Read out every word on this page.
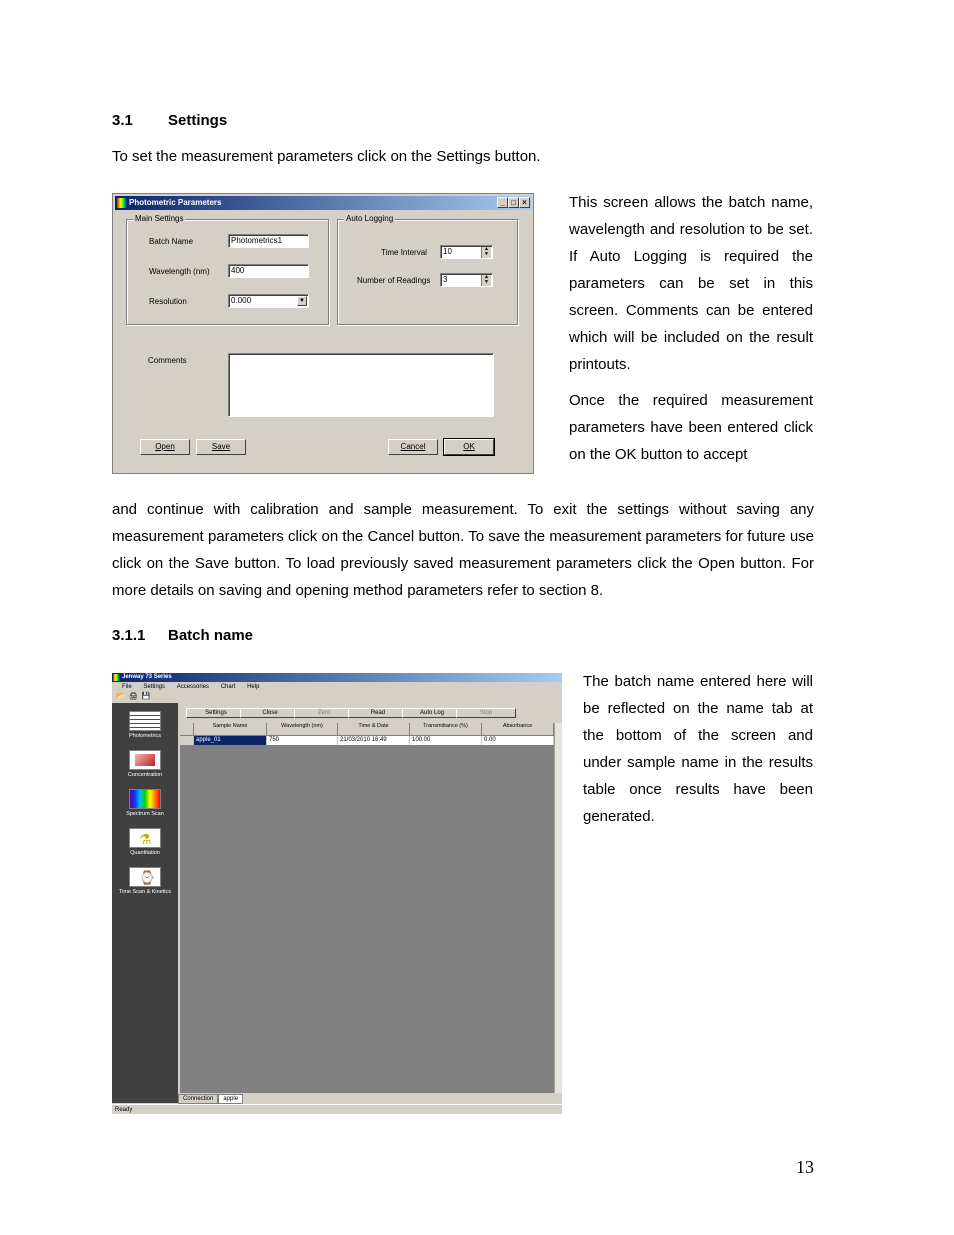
3.1 Settings
To set the measurement parameters click on the Settings button.
Photometric Parameters	_ □ ×
Main Settings
Batch Name	Photometrics1
Wavelength (nm)	400
Resolution	0.000	▼
Auto Logging
Time Interval	10	▲
▼
Number of Readings	3	▲
▼
Comments
Open	Save	Cancel	OK
This screen allows the batch name, wavelength and resolution to be set. If Auto Logging is required the parameters can be set in this screen. Comments can be entered which will be included on the result printouts.
Once the required measurement parameters have been entered click on the OK button to accept
and continue with calibration and sample measurement. To exit the settings without saving any measurement parameters click on the Cancel button. To save the measurement parameters for future use click on the Save button. To load previously saved measurement parameters click the Open button. For more details on saving and opening method parameters refer to section 8.
3.1.1 Batch name
Jenway 73 Series
File Settings Accessories Chart Help
📂🖨💾
Photometrics
Concentration
Spectrum Scan
⚗
Quantitation
⌚
Time Scan & Kinetics
Settings	Close	Zero	Read	Auto Log	Stop
Sample Name	Wavelength (nm)	Time & Date	Transmittance (%)	Absorbance
apple_01	750	21/03/2010 16:49	100.00	0.00
Connection apple
Ready
The batch name entered here will be reflected on the name tab at the bottom of the screen and under sample name in the results table once results have been generated.
13
